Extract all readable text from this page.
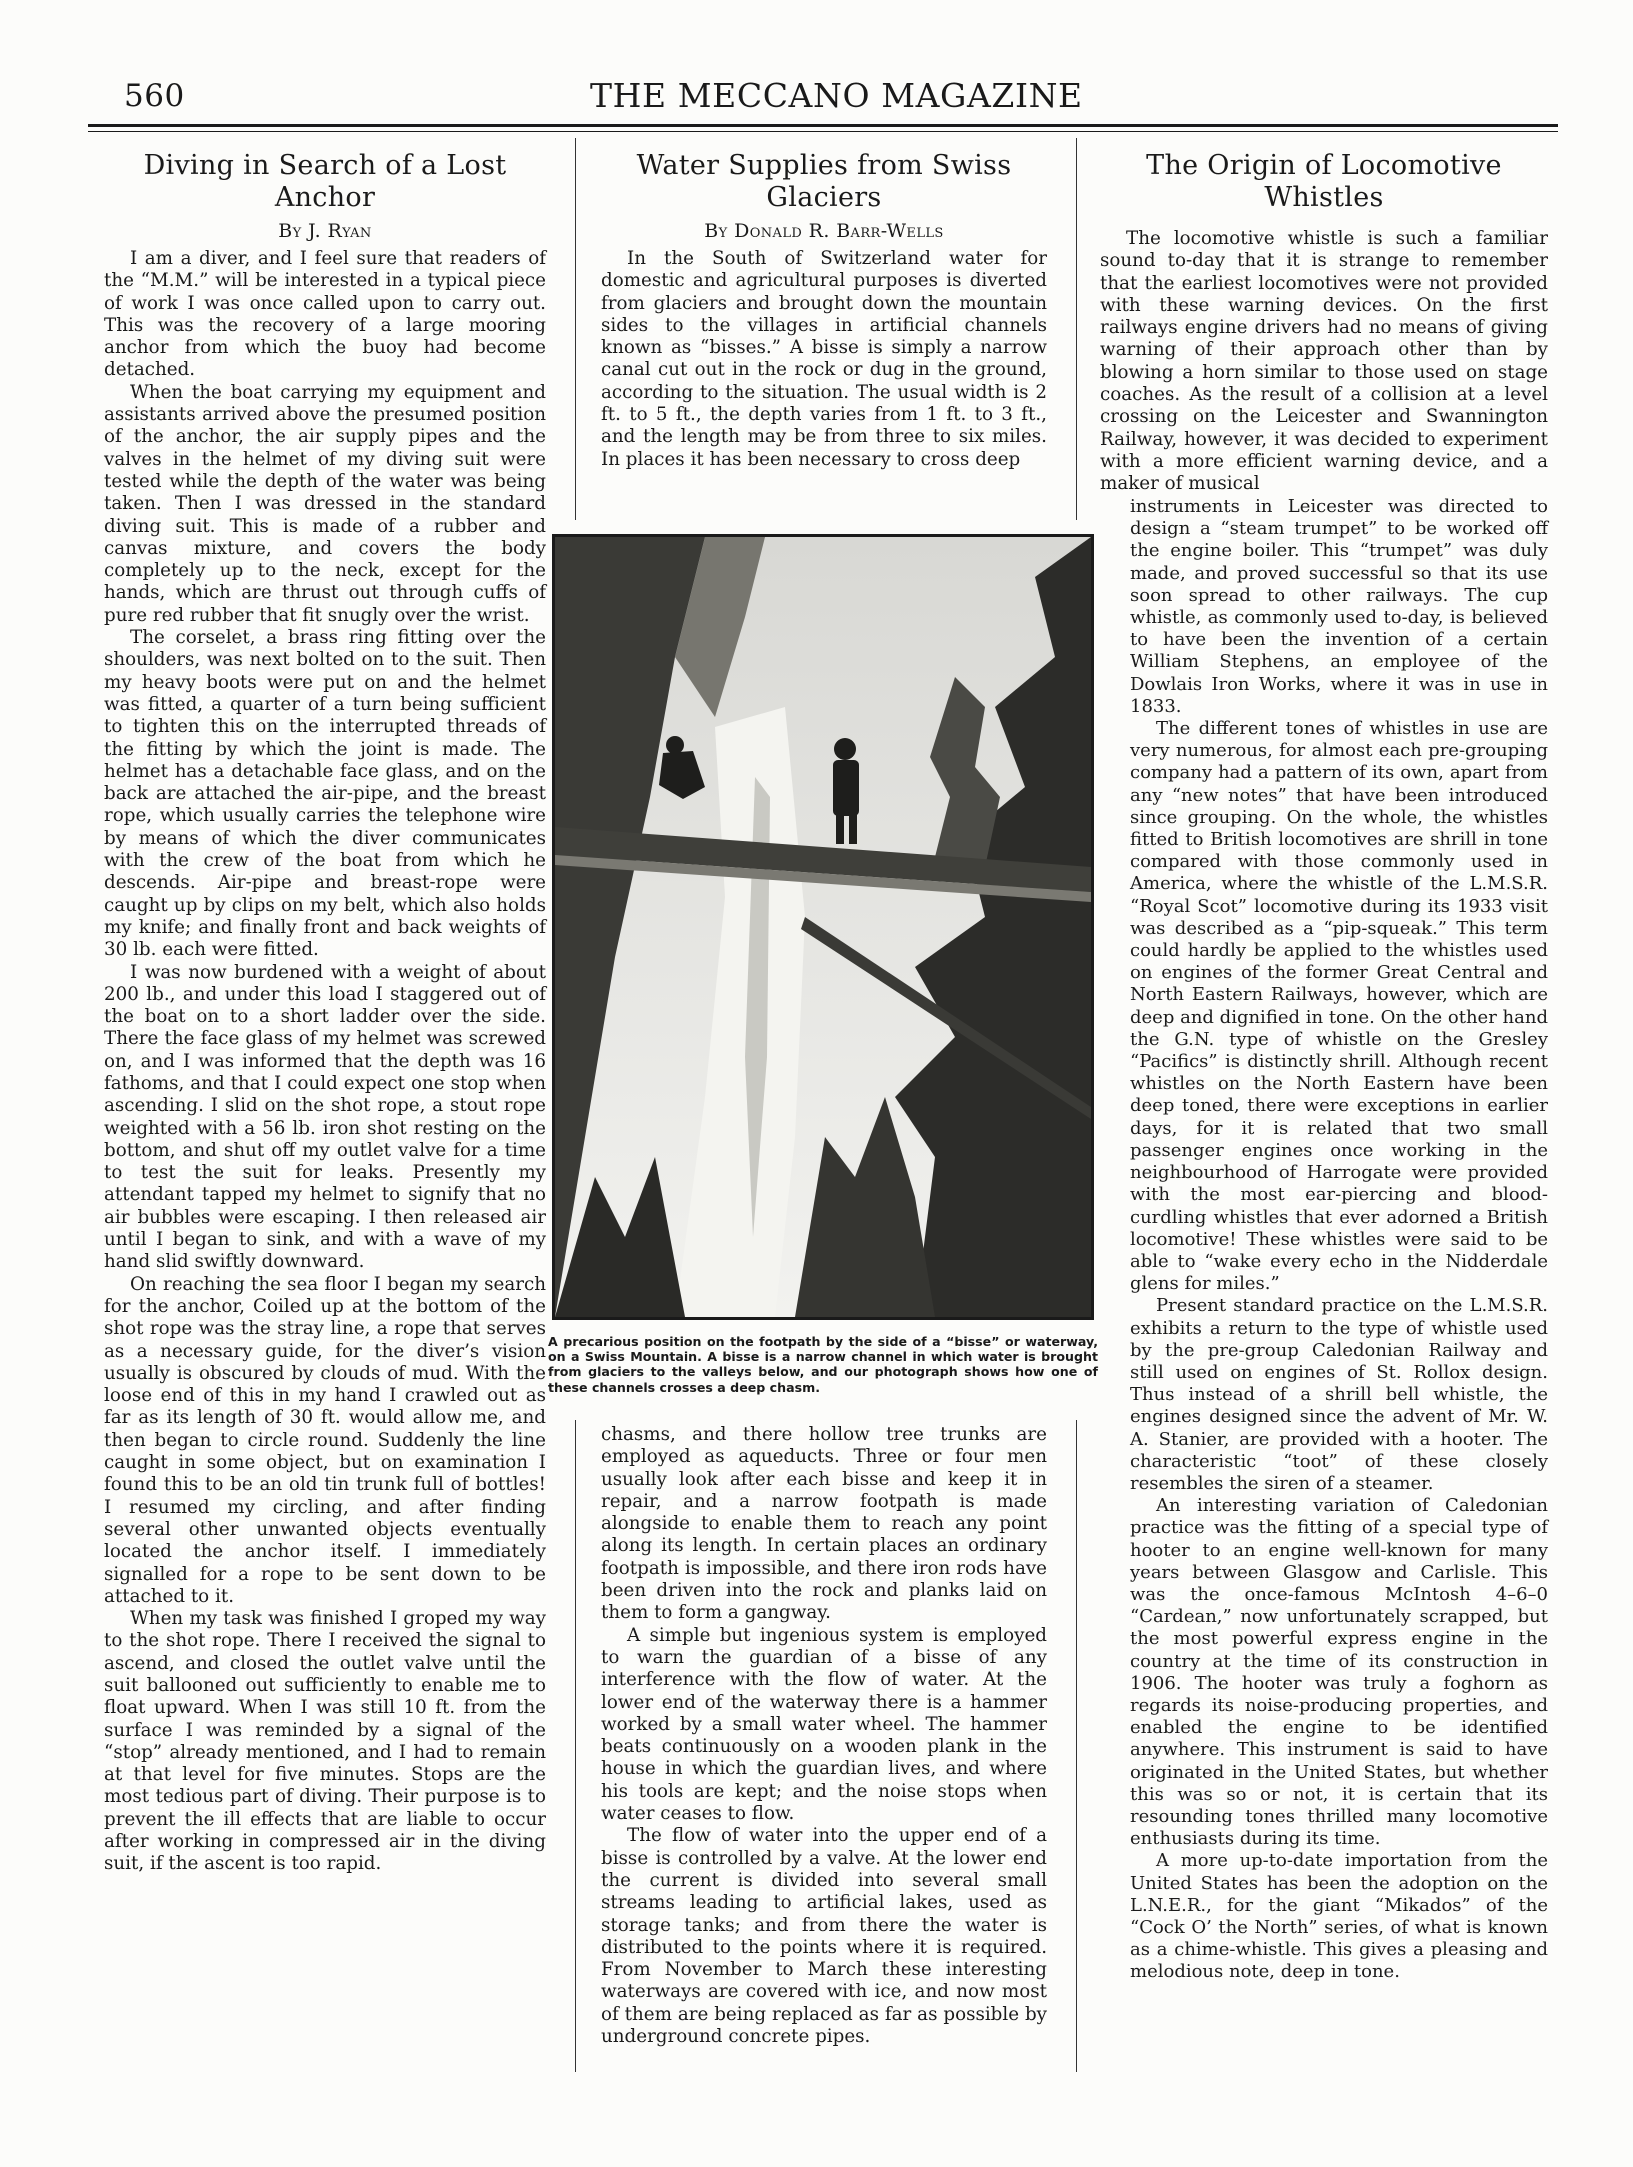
560	THE MECCANO MAGAZINE
Diving in Search of a Lost Anchor
By J. Ryan

I am a diver, and I feel sure that readers of the “M.M.” will be interested in a typical piece of work I was once called upon to carry out. This was the recovery of a large mooring anchor from which the buoy had become detached.

When the boat carrying my equipment and assistants arrived above the presumed position of the anchor, the air supply pipes and the valves in the helmet of my diving suit were tested while the depth of the water was being taken. Then I was dressed in the standard diving suit. This is made of a rubber and canvas mixture, and covers the body completely up to the neck, except for the hands, which are thrust out through cuffs of pure red rubber that fit snugly over the wrist.

The corselet, a brass ring fitting over the shoulders, was next bolted on to the suit. Then my heavy boots were put on and the helmet was fitted, a quarter of a turn being sufficient to tighten this on the interrupted threads of the fitting by which the joint is made. The helmet has a detachable face glass, and on the back are attached the air-pipe, and the breast rope, which usually carries the telephone wire by means of which the diver communicates with the crew of the boat from which he descends. Air-pipe and breast-rope were caught up by clips on my belt, which also holds my knife; and finally front and back weights of 30 lb. each were fitted.

I was now burdened with a weight of about 200 lb., and under this load I staggered out of the boat on to a short ladder over the side. There the face glass of my helmet was screwed on, and I was informed that the depth was 16 fathoms, and that I could expect one stop when ascending. I slid on the shot rope, a stout rope weighted with a 56 lb. iron shot resting on the bottom, and shut off my outlet valve for a time to test the suit for leaks. Presently my attendant tapped my helmet to signify that no air bubbles were escaping. I then released air until I began to sink, and with a wave of my hand slid swiftly downward.

On reaching the sea floor I began my search for the anchor, Coiled up at the bottom of the shot rope was the stray line, a rope that serves as a necessary guide, for the diver’s vision usually is obscured by clouds of mud. With the loose end of this in my hand I crawled out as far as its length of 30 ft. would allow me, and then began to circle round. Suddenly the line caught in some object, but on examination I found this to be an old tin trunk full of bottles! I resumed my circling, and after finding several other unwanted objects eventually located the anchor itself. I immediately signalled for a rope to be sent down to be attached to it.

When my task was finished I groped my way to the shot rope. There I received the signal to ascend, and closed the outlet valve until the suit ballooned out sufficiently to enable me to float upward. When I was still 10 ft. from the surface I was reminded by a signal of the “stop” already mentioned, and I had to remain at that level for five minutes. Stops are the most tedious part of diving. Their purpose is to prevent the ill effects that are liable to occur after working in compressed air in the diving suit, if the ascent is too rapid.

Water Supplies from Swiss Glaciers
By Donald R. Barr-Wells

In the South of Switzerland water for domestic and agricultural purposes is diverted from glaciers and brought down the mountain sides to the villages in artificial channels known as “bisses.” A bisse is simply a narrow canal cut out in the rock or dug in the ground, according to the situation. The usual width is 2 ft. to 5 ft., the depth varies from 1 ft. to 3 ft., and the length may be from three to six miles. In places it has been necessary to cross deep

A precarious position on the footpath by the side of a “bisse” or waterway, on a Swiss Mountain. A bisse is a narrow channel in which water is brought from glaciers to the valleys below, and our photograph shows how one of these channels crosses a deep chasm.

chasms, and there hollow tree trunks are employed as aqueducts. Three or four men usually look after each bisse and keep it in repair, and a narrow footpath is made alongside to enable them to reach any point along its length. In certain places an ordinary footpath is impossible, and there iron rods have been driven into the rock and planks laid on them to form a gangway.

A simple but ingenious system is employed to warn the guardian of a bisse of any interference with the flow of water. At the lower end of the waterway there is a hammer worked by a small water wheel. The hammer beats continuously on a wooden plank in the house in which the guardian lives, and where his tools are kept; and the noise stops when water ceases to flow.

The flow of water into the upper end of a bisse is controlled by a valve. At the lower end the current is divided into several small streams leading to artificial lakes, used as storage tanks; and from there the water is distributed to the points where it is required. From November to March these interesting waterways are covered with ice, and now most of them are being replaced as far as possible by underground concrete pipes.

The Origin of Locomotive Whistles

The locomotive whistle is such a familiar sound to-day that it is strange to remember that the earliest locomotives were not provided with these warning devices. On the first railways engine drivers had no means of giving warning of their approach other than by blowing a horn similar to those used on stage coaches. As the result of a collision at a level crossing on the Leicester and Swannington Railway, however, it was decided to experiment with a more efficient warning device, and a maker of musical

instruments in Leicester was directed to design a “steam trumpet” to be worked off the engine boiler. This “trumpet” was duly made, and proved successful so that its use soon spread to other railways. The cup whistle, as commonly used to-day, is believed to have been the invention of a certain William Stephens, an employee of the Dowlais Iron Works, where it was in use in 1833.

The different tones of whistles in use are very numerous, for almost each pre-grouping company had a pattern of its own, apart from any “new notes” that have been introduced since grouping. On the whole, the whistles fitted to British locomotives are shrill in tone compared with those commonly used in America, where the whistle of the L.M.S.R. “Royal Scot” locomotive during its 1933 visit was described as a “pip-squeak.” This term could hardly be applied to the whistles used on engines of the former Great Central and North Eastern Railways, however, which are deep and dignified in tone. On the other hand the G.N. type of whistle on the Gresley “Pacifics” is distinctly shrill. Although recent whistles on the North Eastern have been deep toned, there were exceptions in earlier days, for it is related that two small passenger engines once working in the neighbourhood of Harrogate were provided with the most ear-piercing and blood-curdling whistles that ever adorned a British locomotive! These whistles were said to be able to “wake every echo in the Nidderdale glens for miles.”

Present standard practice on the L.M.S.R. exhibits a return to the type of whistle used by the pre-group Caledonian Railway and still used on engines of St. Rollox design. Thus instead of a shrill bell whistle, the engines designed since the advent of Mr. W. A. Stanier, are provided with a hooter. The characteristic “toot” of these closely resembles the siren of a steamer.

An interesting variation of Caledonian practice was the fitting of a special type of hooter to an engine well-known for many years between Glasgow and Carlisle. This was the once-famous McIntosh 4–6–0 “Cardean,” now unfortunately scrapped, but the most powerful express engine in the country at the time of its construction in 1906. The hooter was truly a foghorn as regards its noise-producing properties, and enabled the engine to be identified anywhere. This instrument is said to have originated in the United States, but whether this was so or not, it is certain that its resounding tones thrilled many locomotive enthusiasts during its time.

A more up-to-date importation from the United States has been the adoption on the L.N.E.R., for the giant “Mikados” of the “Cock O’ the North” series, of what is known as a chime-whistle. This gives a pleasing and melodious note, deep in tone.
